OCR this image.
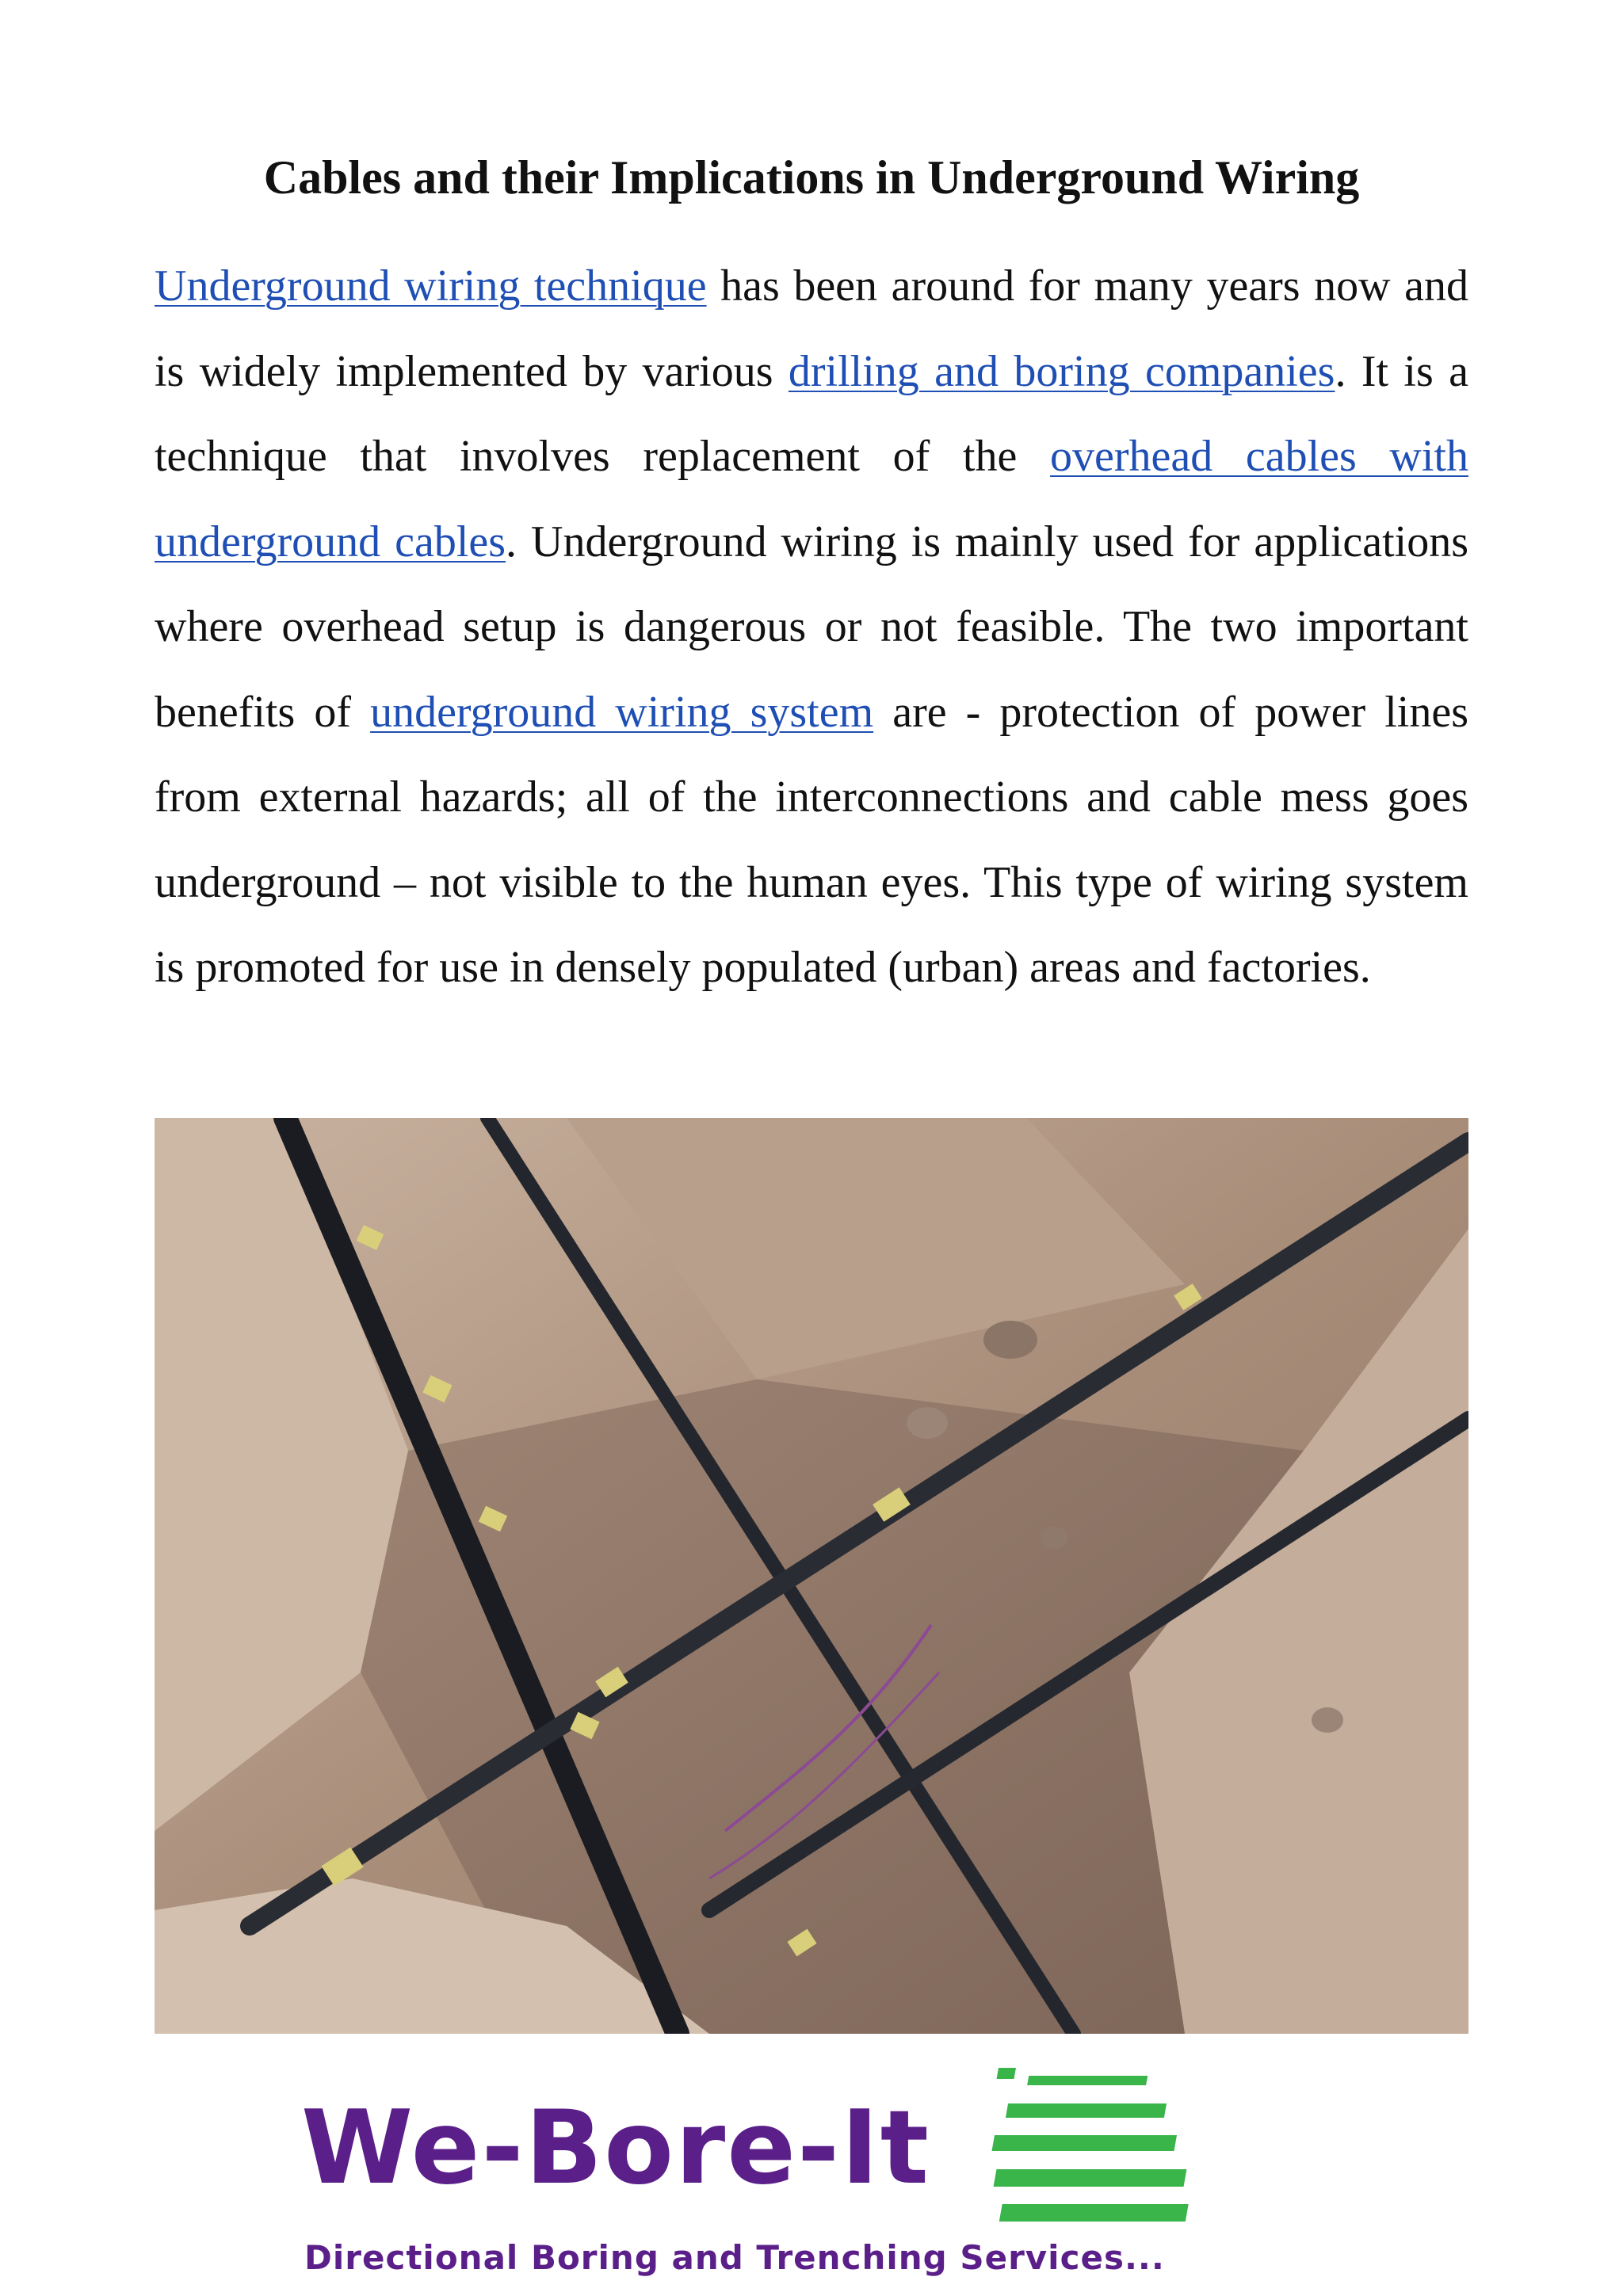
Cables and their Implications in Underground Wiring

Underground wiring technique has been around for many years now and is widely implemented by various drilling and boring companies. It is a technique that involves replacement of the overhead cables with underground cables. Underground wiring is mainly used for applications where overhead setup is dangerous or not feasible. The two important benefits of underground wiring system are - protection of power lines from external hazards; all of the interconnections and cable mess goes underground – not visible to the human eyes. This type of wiring system is promoted for use in densely populated (urban) areas and factories.

We-Bore-It
Directional Boring and Trenching Services...
